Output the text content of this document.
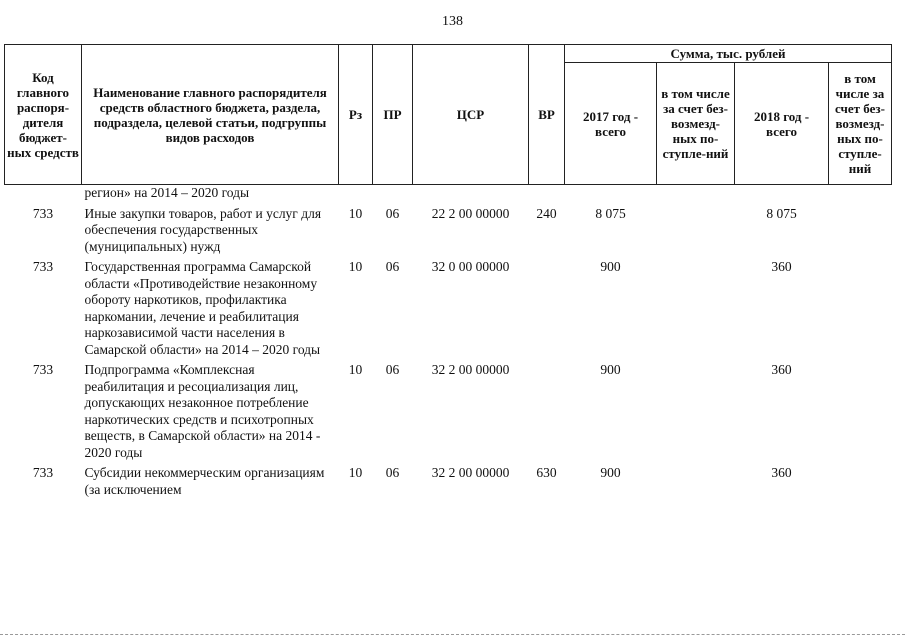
138
Код главного распоря-дителя бюджет-ных средств	Наименование главного распорядителя средств областного бюджета, раздела, подраздела, целевой статьи, подгруппы видов расходов	Рз	ПР	ЦСР	ВР	Сумма, тыс. рублей			
						2017 год - всего	в том числе за счет без-возмезд-ных по-ступле-ний	2018 год - всего	в том числе за счет без-возмезд-ных по-ступле-ний
	регион» на 2014 – 2020 годы								
733	Иные закупки товаров, работ и услуг для обеспечения государственных (муниципальных) нужд	10	06	22 2 00 00000	240	8 075		8 075	
733	Государственная программа Самарской области «Противодействие незаконному обороту наркотиков, профилактика наркомании, лечение и реабилитация наркозависимой части населения в Самарской области» на 2014 – 2020 годы	10	06	32 0 00 00000		900		360	
733	Подпрограмма «Комплексная реабилитация и ресоциализация лиц, допускающих незаконное потребление наркотических средств и психотропных веществ, в Самарской области» на 2014 - 2020 годы	10	06	32 2 00 00000		900		360	
733	Субсидии некоммерческим организациям (за исключением	10	06	32 2 00 00000	630	900		360	
